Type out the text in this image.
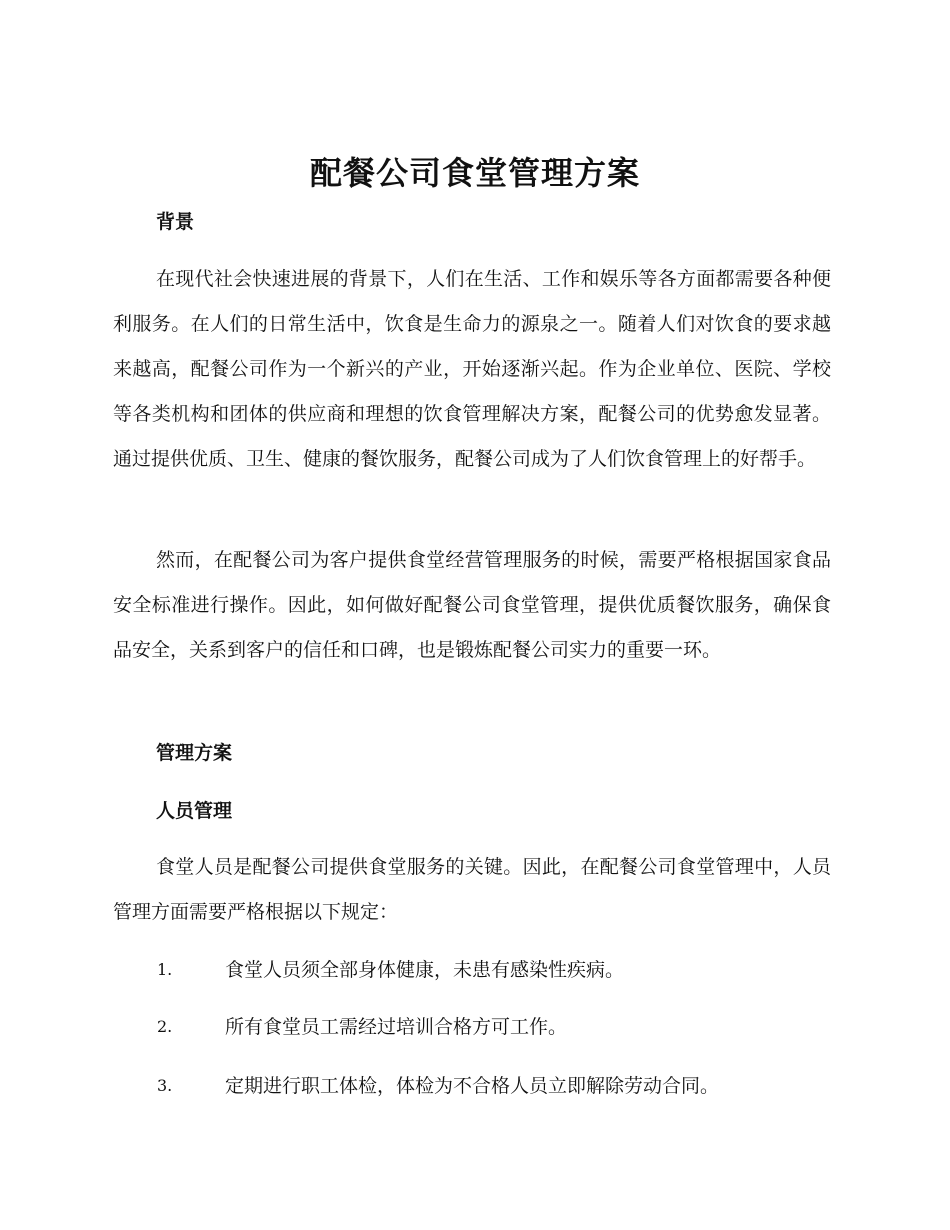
配餐公司食堂管理方案
背景

在现代社会快速进展的背景下，人们在生活、工作和娱乐等各方面都需要各种便利服务。在人们的日常生活中，饮食是生命力的源泉之一。随着人们对饮食的要求越来越高，配餐公司作为一个新兴的产业，开始逐渐兴起。作为企业单位、医院、学校等各类机构和团体的供应商和理想的饮食管理解决方案，配餐公司的优势愈发显著。通过提供优质、卫生、健康的餐饮服务，配餐公司成为了人们饮食管理上的好帮手。

然而，在配餐公司为客户提供食堂经营管理服务的时候，需要严格根据国家食品安全标准进行操作。因此，如何做好配餐公司食堂管理，提供优质餐饮服务，确保食品安全，关系到客户的信任和口碑，也是锻炼配餐公司实力的重要一环。

管理方案
人员管理

食堂人员是配餐公司提供食堂服务的关键。因此，在配餐公司食堂管理中，人员管理方面需要严格根据以下规定：

1.	食堂人员须全部身体健康，未患有感染性疾病。
2.	所有食堂员工需经过培训合格方可工作。
3.	定期进行职工体检，体检为不合格人员立即解除劳动合同。
